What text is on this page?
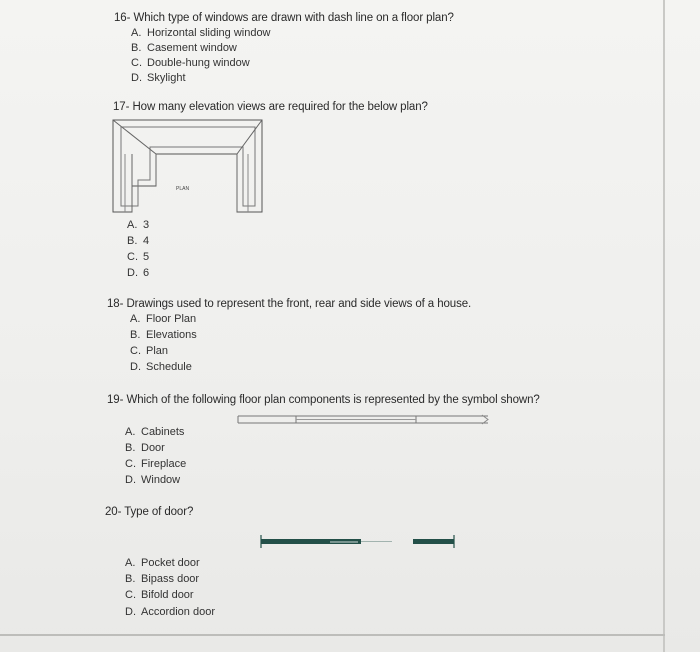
16- Which type of windows are drawn with dash line on a floor plan?
A. Horizontal sliding window
B. Casement window
C. Double-hung window
D. Skylight
17- How many elevation views are required for the below plan?
PLAN
A. 3
B. 4
C. 5
D. 6
18- Drawings used to represent the front, rear and side views of a house.
A. Floor Plan
B. Elevations
C. Plan
D. Schedule
19- Which of the following floor plan components is represented by the symbol shown?
A. Cabinets
B. Door
C. Fireplace
D. Window
20- Type of door?
A. Pocket door
B. Bipass door
C. Bifold door
D. Accordion door
